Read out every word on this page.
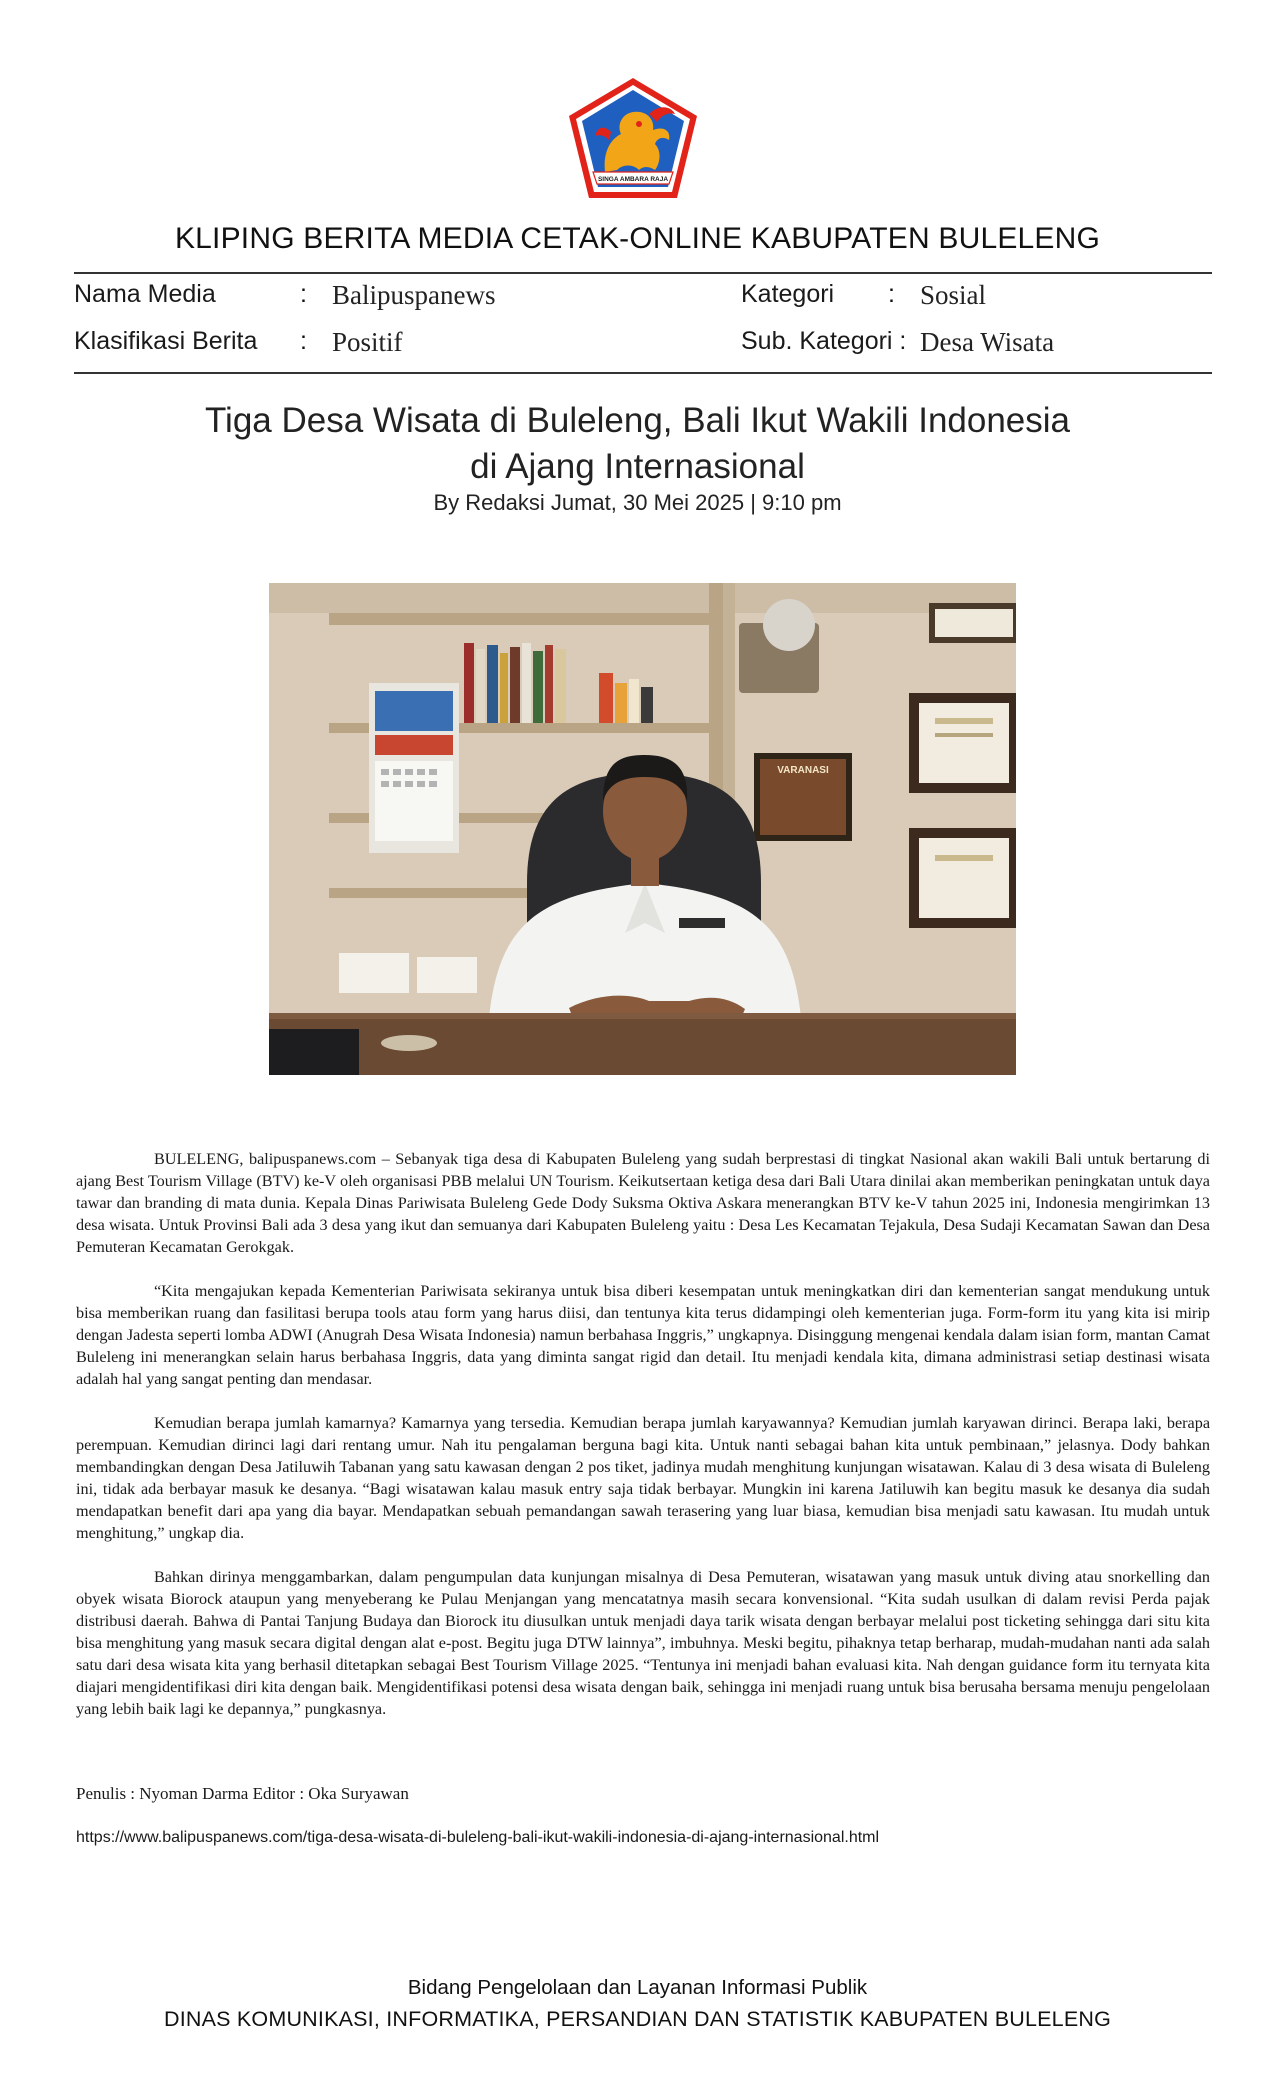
SINGA AMBARA RAJA
KLIPING BERITA MEDIA CETAK-ONLINE KABUPATEN BULELENG
Nama Media	: Balipuspanews	Kategori : Sosial
Klasifikasi Berita : Positif	Sub. Kategori : Desa Wisata
Tiga Desa Wisata di Buleleng, Bali Ikut Wakili Indonesia
di Ajang Internasional
By Redaksi Jumat, 30 Mei 2025 | 9:10 pm
VARANASI

BULELENG, balipuspanews.com – Sebanyak tiga desa di Kabupaten Buleleng yang sudah berprestasi di tingkat Nasional akan wakili Bali untuk bertarung di ajang Best Tourism Village (BTV) ke-V oleh organisasi PBB melalui UN Tourism. Keikutsertaan ketiga desa dari Bali Utara dinilai akan memberikan peningkatan untuk daya tawar dan branding di mata dunia. Kepala Dinas Pariwisata Buleleng Gede Dody Suksma Oktiva Askara menerangkan BTV ke-V tahun 2025 ini, Indonesia mengirimkan 13 desa wisata. Untuk Provinsi Bali ada 3 desa yang ikut dan semuanya dari Kabupaten Buleleng yaitu : Desa Les Kecamatan Tejakula, Desa Sudaji Kecamatan Sawan dan Desa Pemuteran Kecamatan Gerokgak.

“Kita mengajukan kepada Kementerian Pariwisata sekiranya untuk bisa diberi kesempatan untuk meningkatkan diri dan kementerian sangat mendukung untuk bisa memberikan ruang dan fasilitasi berupa tools atau form yang harus diisi, dan tentunya kita terus didampingi oleh kementerian juga. Form-form itu yang kita isi mirip dengan Jadesta seperti lomba ADWI (Anugrah Desa Wisata Indonesia) namun berbahasa Inggris,” ungkapnya. Disinggung mengenai kendala dalam isian form, mantan Camat Buleleng ini menerangkan selain harus berbahasa Inggris, data yang diminta sangat rigid dan detail. Itu menjadi kendala kita, dimana administrasi setiap destinasi wisata adalah hal yang sangat penting dan mendasar.

Kemudian berapa jumlah kamarnya? Kamarnya yang tersedia. Kemudian berapa jumlah karyawannya? Kemudian jumlah karyawan dirinci. Berapa laki, berapa perempuan. Kemudian dirinci lagi dari rentang umur. Nah itu pengalaman berguna bagi kita. Untuk nanti sebagai bahan kita untuk pembinaan,” jelasnya. Dody bahkan membandingkan dengan Desa Jatiluwih Tabanan yang satu kawasan dengan 2 pos tiket, jadinya mudah menghitung kunjungan wisatawan. Kalau di 3 desa wisata di Buleleng ini, tidak ada berbayar masuk ke desanya. “Bagi wisatawan kalau masuk entry saja tidak berbayar. Mungkin ini karena Jatiluwih kan begitu masuk ke desanya dia sudah mendapatkan benefit dari apa yang dia bayar. Mendapatkan sebuah pemandangan sawah terasering yang luar biasa, kemudian bisa menjadi satu kawasan. Itu mudah untuk menghitung,” ungkap dia.

Bahkan dirinya menggambarkan, dalam pengumpulan data kunjungan misalnya di Desa Pemuteran, wisatawan yang masuk untuk diving atau snorkelling dan obyek wisata Biorock ataupun yang menyeberang ke Pulau Menjangan yang mencatatnya masih secara konvensional. “Kita sudah usulkan di dalam revisi Perda pajak distribusi daerah. Bahwa di Pantai Tanjung Budaya dan Biorock itu diusulkan untuk menjadi daya tarik wisata dengan berbayar melalui post ticketing sehingga dari situ kita bisa menghitung yang masuk secara digital dengan alat e-post. Begitu juga DTW lainnya”, imbuhnya. Meski begitu, pihaknya tetap berharap, mudah-mudahan nanti ada salah satu dari desa wisata kita yang berhasil ditetapkan sebagai Best Tourism Village 2025. “Tentunya ini menjadi bahan evaluasi kita. Nah dengan guidance form itu ternyata kita diajari mengidentifikasi diri kita dengan baik. Mengidentifikasi potensi desa wisata dengan baik, sehingga ini menjadi ruang untuk bisa berusaha bersama menuju pengelolaan yang lebih baik lagi ke depannya,” pungkasnya.

Penulis : Nyoman Darma Editor : Oka Suryawan
https://www.balipuspanews.com/tiga-desa-wisata-di-buleleng-bali-ikut-wakili-indonesia-di-ajang-internasional.html
Bidang Pengelolaan dan Layanan Informasi Publik
DINAS KOMUNIKASI, INFORMATIKA, PERSANDIAN DAN STATISTIK KABUPATEN BULELENG
